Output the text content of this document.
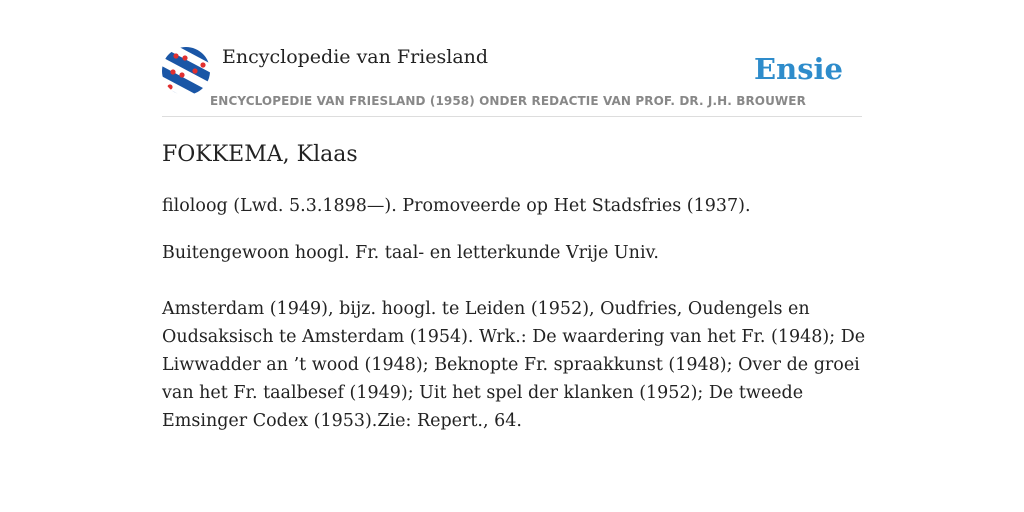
Encyclopedie van Friesland
ENCYCLOPEDIE VAN FRIESLAND (1958) ONDER REDACTIE VAN PROF. DR. J.H. BROUWER
Ensie
FOKKEMA, Klaas

filoloog (Lwd. 5.3.1898—). Promoveerde op Het Stadsfries (1937).

Buitengewoon hoogl. Fr. taal- en letterkunde Vrije Univ.

Amsterdam (1949), bijz. hoogl. te Leiden (1952), Oudfries, Oudengels en Oudsaksisch te Amsterdam (1954). Wrk.: De waardering van het Fr. (1948); De Liwwadder an ’t wood (1948); Beknopte Fr. spraakkunst (1948); Over de groei van het Fr. taalbesef (1949); Uit het spel der klanken (1952); De tweede Emsinger Codex (1953).Zie: Repert., 64.
